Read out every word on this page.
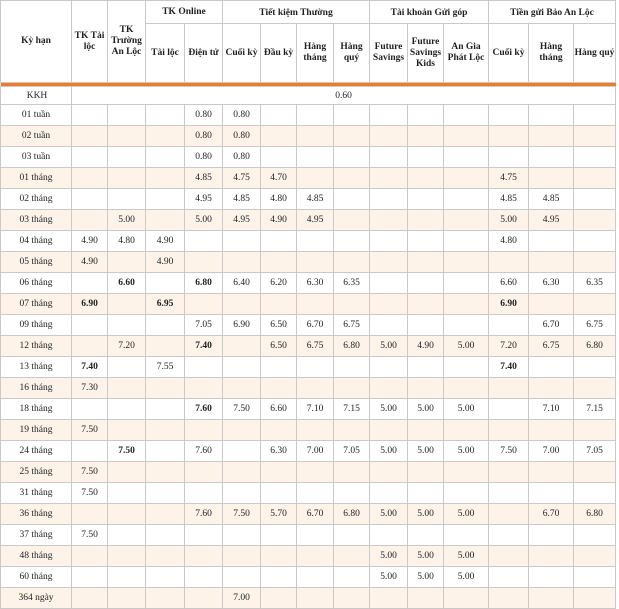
Kỳ hạn	TK Tài lộc	TK Trường An Lộc	TK Online		Tiết kiệm Thường				Tài khoản Gửi góp			Tiền gửi Bảo An Lộc		
			Tài lộc	Điện tử	Cuối kỳ	Đầu kỳ	Hàng tháng	Hàng quý	Future Savings	Future Savings Kids	An Gia Phát Lộc	Cuối kỳ	Hàng tháng	Hàng quý

KKH	0.60													
01 tuần				0.80	0.80									
02 tuần				0.80	0.80									
03 tuần				0.80	0.80									
01 tháng				4.85	4.75	4.70						4.75		
02 tháng				4.95	4.85	4.80	4.85					4.85	4.85	
03 tháng		5.00		5.00	4.95	4.90	4.95					5.00	4.95	
04 tháng	4.90	4.80	4.90									4.80		
05 tháng	4.90		4.90											
06 tháng		6.60		6.80	6.40	6.20	6.30	6.35				6.60	6.30	6.35
07 tháng	6.90		6.95									6.90		
09 tháng				7.05	6.90	6.50	6.70	6.75					6.70	6.75
12 tháng		7.20		7.40		6.50	6.75	6.80	5.00	4.90	5.00	7.20	6.75	6.80
13 tháng	7.40		7.55									7.40		
16 tháng	7.30													
18 tháng				7.60	7.50	6.60	7.10	7.15	5.00	5.00	5.00		7.10	7.15
19 tháng	7.50													
24 tháng		7.50		7.60		6.30	7.00	7.05	5.00	5.00	5.00	7.50	7.00	7.05
25 tháng	7.50													
31 tháng	7.50													
36 tháng				7.60	7.50	5.70	6.70	6.80	5.00	5.00	5.00		6.70	6.80
37 tháng	7.50													
48 tháng									5.00	5.00	5.00			
60 tháng									5.00	5.00	5.00			
364 ngày					7.00									
